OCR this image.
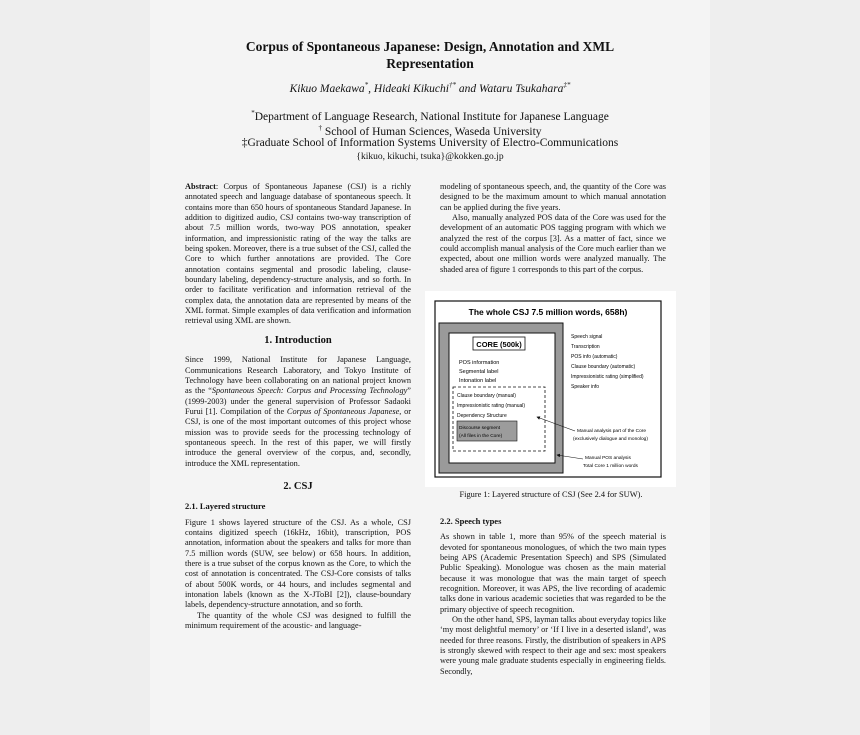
Corpus of Spontaneous Japanese: Design, Annotation and XML
Representation
Kikuo Maekawa*, Hideaki Kikuchi†* and Wataru Tsukahara‡*
*Department of Language Research, National Institute for Japanese Language
† School of Human Sciences, Waseda University
‡Graduate School of Information Systems University of Electro-Communications
{kikuo, kikuchi, tsuka}@kokken.go.jp

Abstract: Corpus of Spontaneous Japanese (CSJ) is a richly annotated speech and language database of spontaneous speech. It contains more than 650 hours of spontaneous Standard Japanese. In addition to digitized audio, CSJ contains two-way transcription of about 7.5 million words, two-way POS annotation, speaker information, and impressionistic rating of the way the talks are being spoken. Moreover, there is a true subset of the CSJ, called the Core to which further annotations are provided. The Core annotation contains segmental and prosodic labeling, clause-boundary labeling, dependency-structure analysis, and so forth. In order to facilitate verification and information retrieval of the complex data, the annotation data are represented by means of the XML format. Simple examples of data verification and information retrieval using XML are shown.

1. Introduction

Since 1999, National Institute for Japanese Language, Communications Research Laboratory, and Tokyo Institute of Technology have been collaborating on an national project known as the “Spontaneous Speech: Corpus and Processing Technology” (1999-2003) under the general supervision of Professor Sadaoki Furui [1]. Compilation of the Corpus of Spontaneous Japanese, or CSJ, is one of the most important outcomes of this project whose mission was to provide seeds for the processing technology of spontaneous speech. In the rest of this paper, we will firstly introduce the general overview of the corpus, and, secondly, introduce the XML representation.

2. CSJ
2.1. Layered structure

Figure 1 shows layered structure of the CSJ. As a whole, CSJ contains digitized speech (16kHz, 16bit), transcription, POS annotation, information about the speakers and talks for more than 7.5 million words (SUW, see below) or 658 hours. In addition, there is a true subset of the corpus known as the Core, to which the cost of annotation is concentrated. The CSJ-Core consists of talks of about 500K words, or 44 hours, and includes segmental and intonation labels (known as the X-JToBI [2]), clause-boundary labels, dependency-structure annotation, and so forth.

The quantity of the whole CSJ was designed to fulfill the minimum requirement of the acoustic- and language-

modeling of spontaneous speech, and, the quantity of the Core was designed to be the maximum amount to which manual annotation can be applied during the five years.

Also, manually analyzed POS data of the Core was used for the development of an automatic POS tagging program with which we analyzed the rest of the corpus [3]. As a matter of fact, since we could accomplish manual analysis of the Core much earlier than we expected, about one million words were analyzed manually. The shaded area of figure 1 corresponds to this part of the corpus.

The whole CSJ 7.5 million words, 658h)
CORE (500k)
POS information
Segmental label
Intonation label
Clause boundary (manual)
Impressionistic rating (manual)
Dependency Structure
Discourse segment
(All files in the Core)
Speech signal
Transcription
POS info (automatic)
Clause boundary (automatic)
Impressionistic rating (simplified)
Speaker info
Manual analysis part of the Core
(exclusively dialogue and monolog)
Manual POS analysis
Total Core 1 million words
Figure 1: Layered structure of CSJ (See 2.4 for SUW).
2.2. Speech types

As shown in table 1, more than 95% of the speech material is devoted for spontaneous monologues, of which the two main types being APS (Academic Presentation Speech) and SPS (Simulated Public Speaking). Monologue was chosen as the main material because it was monologue that was the main target of speech recognition. Moreover, it was APS, the live recording of academic talks done in various academic societies that was regarded to be the primary objective of speech recognition.

On the other hand, SPS, layman talks about everyday topics like ‘my most delightful memory’ or ‘If I live in a deserted island’, was needed for three reasons. Firstly, the distribution of speakers in APS is strongly skewed with respect to their age and sex: most speakers were young male graduate students especially in engineering fields. Secondly,
